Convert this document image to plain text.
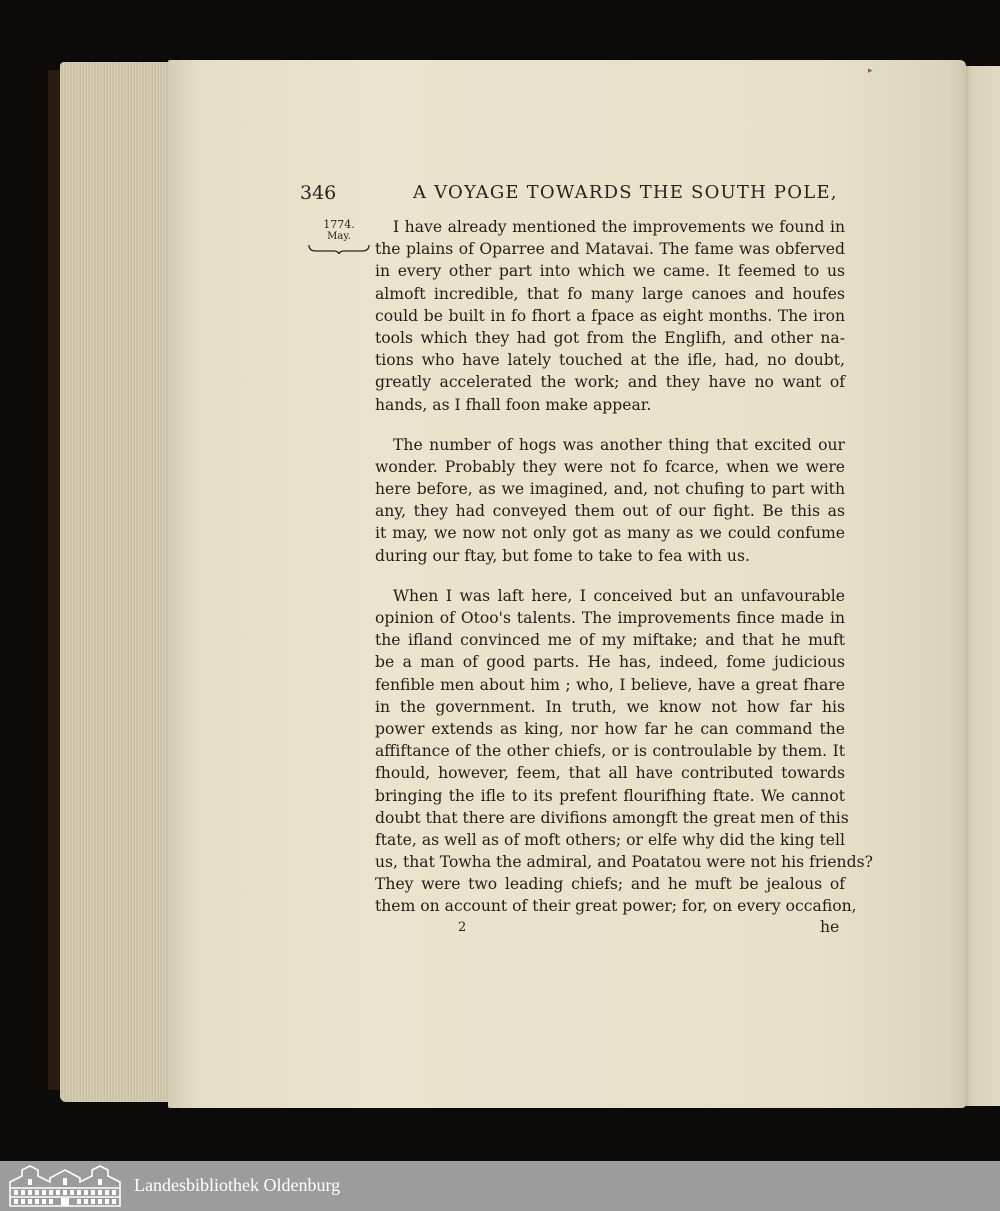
▸
346	A VOYAGE TOWARDS THE SOUTH POLE,
1774.
May.
I have already mentioned the improvements we found in
the plains of Oparree and Matavai. The fame was obferved
in every other part into which we came. It feemed to us
almoft incredible, that fo many large canoes and houfes
could be built in fo fhort a fpace as eight months. The iron
tools which they had got from the Englifh, and other na-
tions who have lately touched at the ifle, had, no doubt,
greatly accelerated the work; and they have no want of
hands, as I fhall foon make appear.
The number of hogs was another thing that excited our
wonder. Probably they were not fo fcarce, when we were
here before, as we imagined, and, not chufing to part with
any, they had conveyed them out of our fight. Be this as
it may, we now not only got as many as we could confume
during our ftay, but fome to take to fea with us.
When I was laft here, I conceived but an unfavourable
opinion of Otoo's talents. The improvements fince made in
the ifland convinced me of my miftake; and that he muft
be a man of good parts. He has, indeed, fome judicious
fenfible men about him ; who, I believe, have a great fhare
in the government. In truth, we know not how far his
power extends as king, nor how far he can command the
affiftance of the other chiefs, or is controulable by them. It
fhould, however, feem, that all have contributed towards
bringing the ifle to its prefent flourifhing ftate. We cannot
doubt that there are divifions amongft the great men of this
ftate, as well as of moft others; or elfe why did the king tell
us, that Towha the admiral, and Poatatou were not his friends?
They were two leading chiefs; and he muft be jealous of
them on account of their great power; for, on every occafion,
2	he
Landesbibliothek Oldenburg
